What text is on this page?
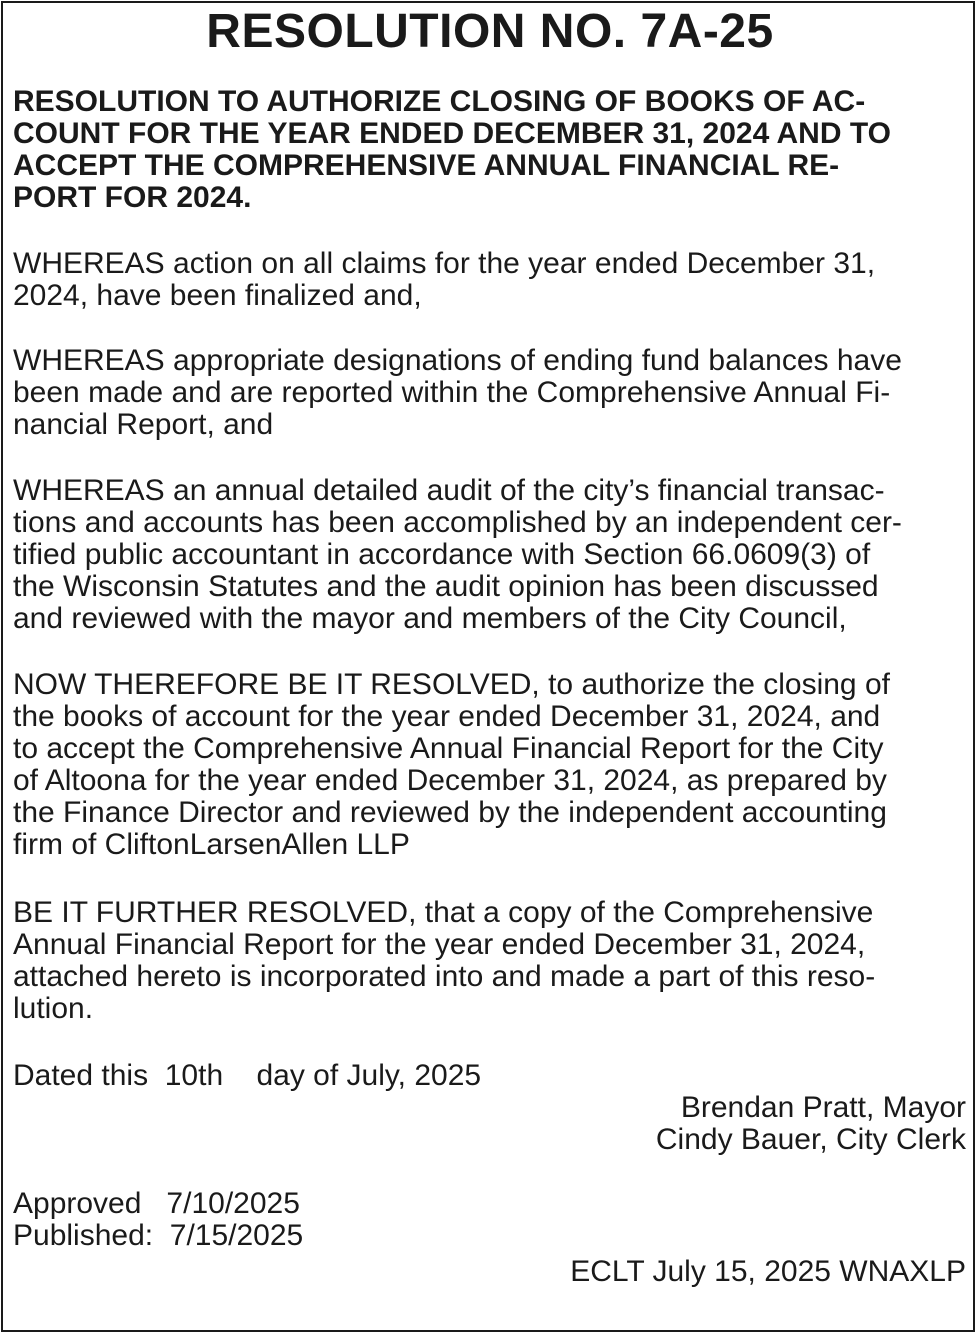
RESOLUTION NO. 7A-25
RESOLUTION TO AUTHORIZE CLOSING OF BOOKS OF AC-
COUNT FOR THE YEAR ENDED DECEMBER 31, 2024 AND TO
ACCEPT THE COMPREHENSIVE ANNUAL FINANCIAL RE-
PORT FOR 2024.
WHEREAS action on all claims for the year ended December 31,
2024, have been finalized and,
WHEREAS appropriate designations of ending fund balances have
been made and are reported within the Comprehensive Annual Fi-
nancial Report, and
WHEREAS an annual detailed audit of the city’s financial transac-
tions and accounts has been accomplished by an independent cer-
tified public accountant in accordance with Section 66.0609(3) of
the Wisconsin Statutes and the audit opinion has been discussed
and reviewed with the mayor and members of the City Council,
NOW THEREFORE BE IT RESOLVED, to authorize the closing of
the books of account for the year ended December 31, 2024, and
to accept the Comprehensive Annual Financial Report for the City
of Altoona for the year ended December 31, 2024, as prepared by
the Finance Director and reviewed by the independent accounting
firm of CliftonLarsenAllen LLP
BE IT FURTHER RESOLVED, that a copy of the Comprehensive
Annual Financial Report for the year ended December 31, 2024,
attached hereto is incorporated into and made a part of this reso-
lution.
Dated this  10th    day of July, 2025
Brendan Pratt, Mayor
Cindy Bauer, City Clerk
Approved   7/10/2025
Published:  7/15/2025
ECLT July 15, 2025 WNAXLP
